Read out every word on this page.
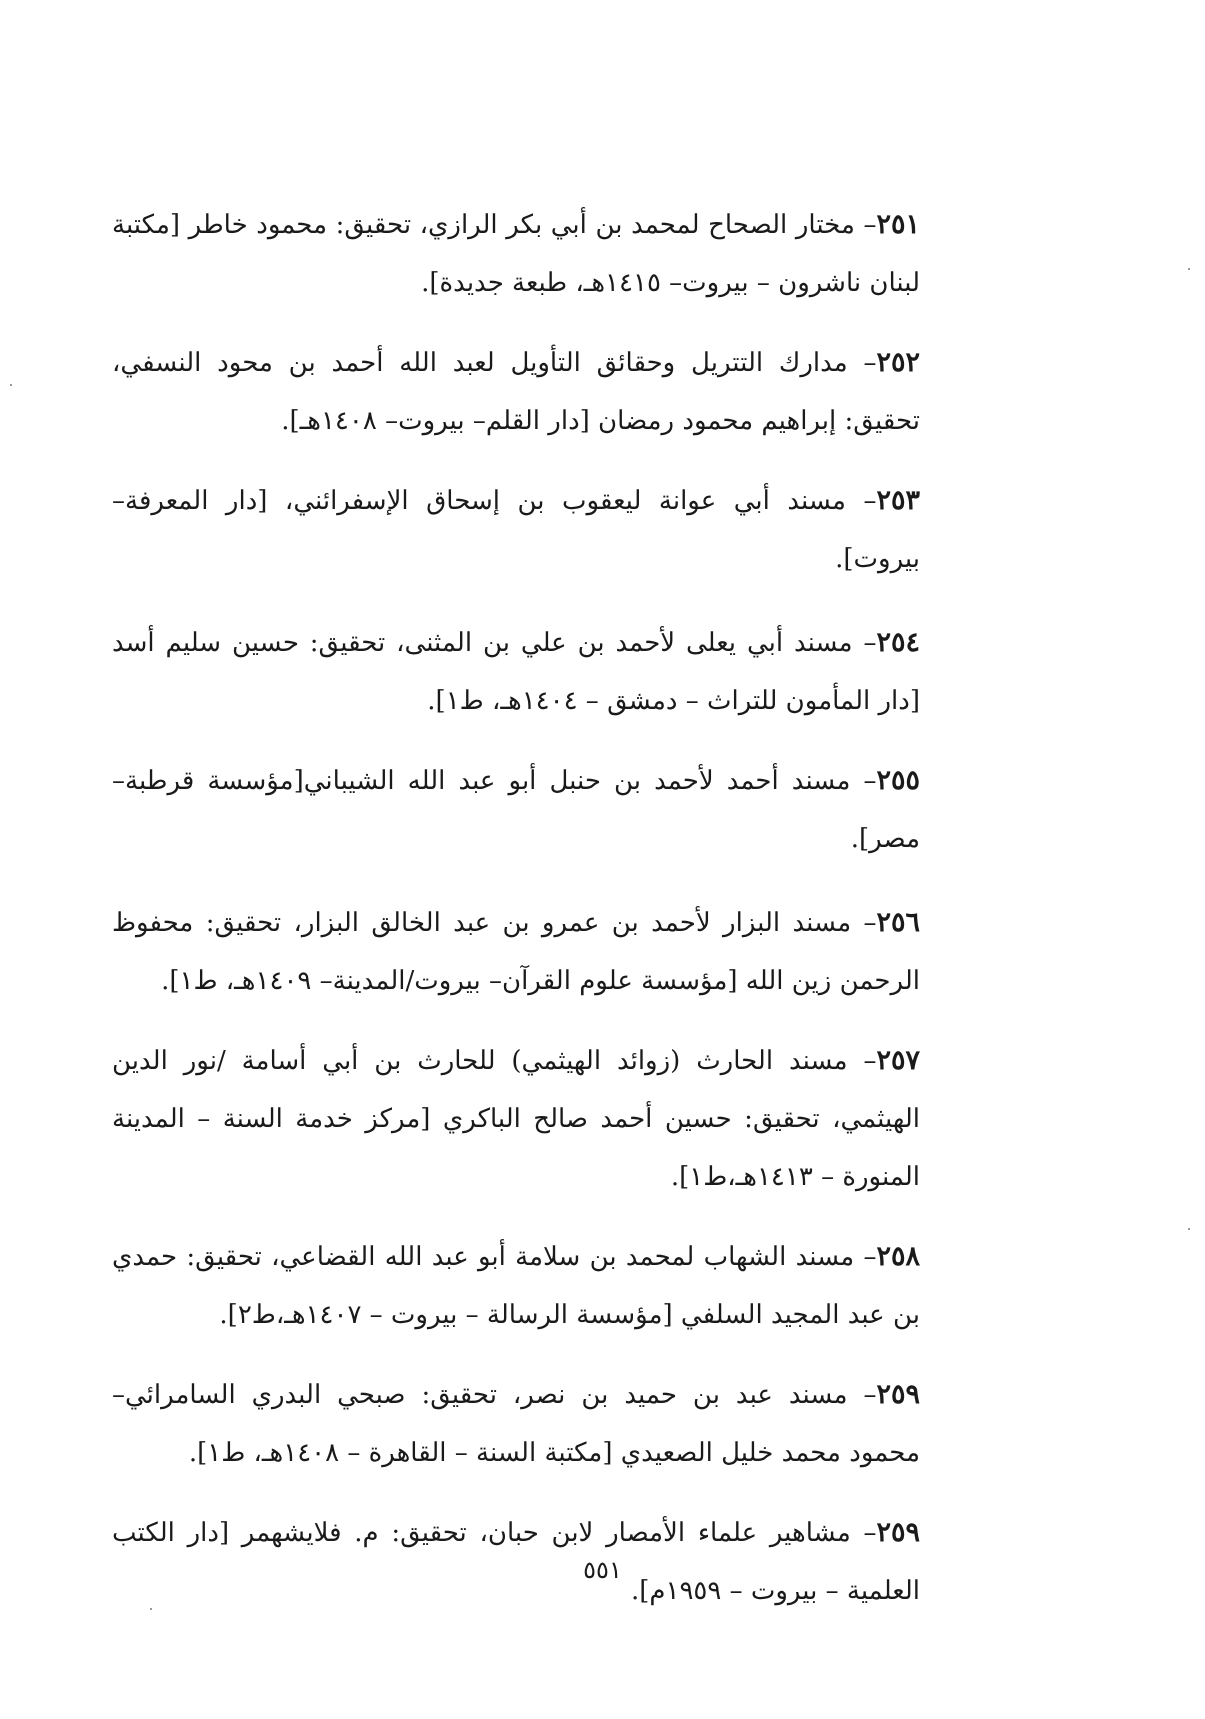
٢٥١– مختار الصحاح لمحمد بن أبي بكر الرازي، تحقيق: محمود خاطر [مكتبة لبنان ناشرون – بيروت– ١٤١٥هـ، طبعة جديدة].

٢٥٢– مدارك التتريل وحقائق التأويل لعبد الله أحمد بن محود النسفي، تحقيق: إبراهيم محمود رمضان [دار القلم– بيروت– ١٤٠٨هـ].

٢٥٣– مسند أبي عوانة ليعقوب بن إسحاق الإسفرائني، [دار المعرفة– بيروت].

٢٥٤– مسند أبي يعلى لأحمد بن علي بن المثنى، تحقيق: حسين سليم أسد [دار المأمون للتراث – دمشق – ١٤٠٤هـ، ط١].

٢٥٥– مسند أحمد لأحمد بن حنبل أبو عبد الله الشيباني[مؤسسة قرطبة– مصر].

٢٥٦– مسند البزار لأحمد بن عمرو بن عبد الخالق البزار، تحقيق: محفوظ الرحمن زين الله [مؤسسة علوم القرآن– بيروت/المدينة– ١٤٠٩هـ، ط١].

٢٥٧– مسند الحارث (زوائد الهيثمي) للحارث بن أبي أسامة /نور الدين الهيثمي، تحقيق: حسين أحمد صالح الباكري [مركز خدمة السنة – المدينة المنورة – ١٤١٣هـ،ط١].

٢٥٨– مسند الشهاب لمحمد بن سلامة أبو عبد الله القضاعي، تحقيق: حمدي بن عبد المجيد السلفي [مؤسسة الرسالة – بيروت – ١٤٠٧هـ،ط٢].

٢٥٩– مسند عبد بن حميد بن نصر، تحقيق: صبحي البدري السامرائي– محمود محمد خليل الصعيدي [مكتبة السنة – القاهرة – ١٤٠٨هـ، ط١].

٢٥٩– مشاهير علماء الأمصار لابن حبان، تحقيق: م. فلايشهمر [دار الكتب العلمية – بيروت – ١٩٥٩م].

٥٥١
